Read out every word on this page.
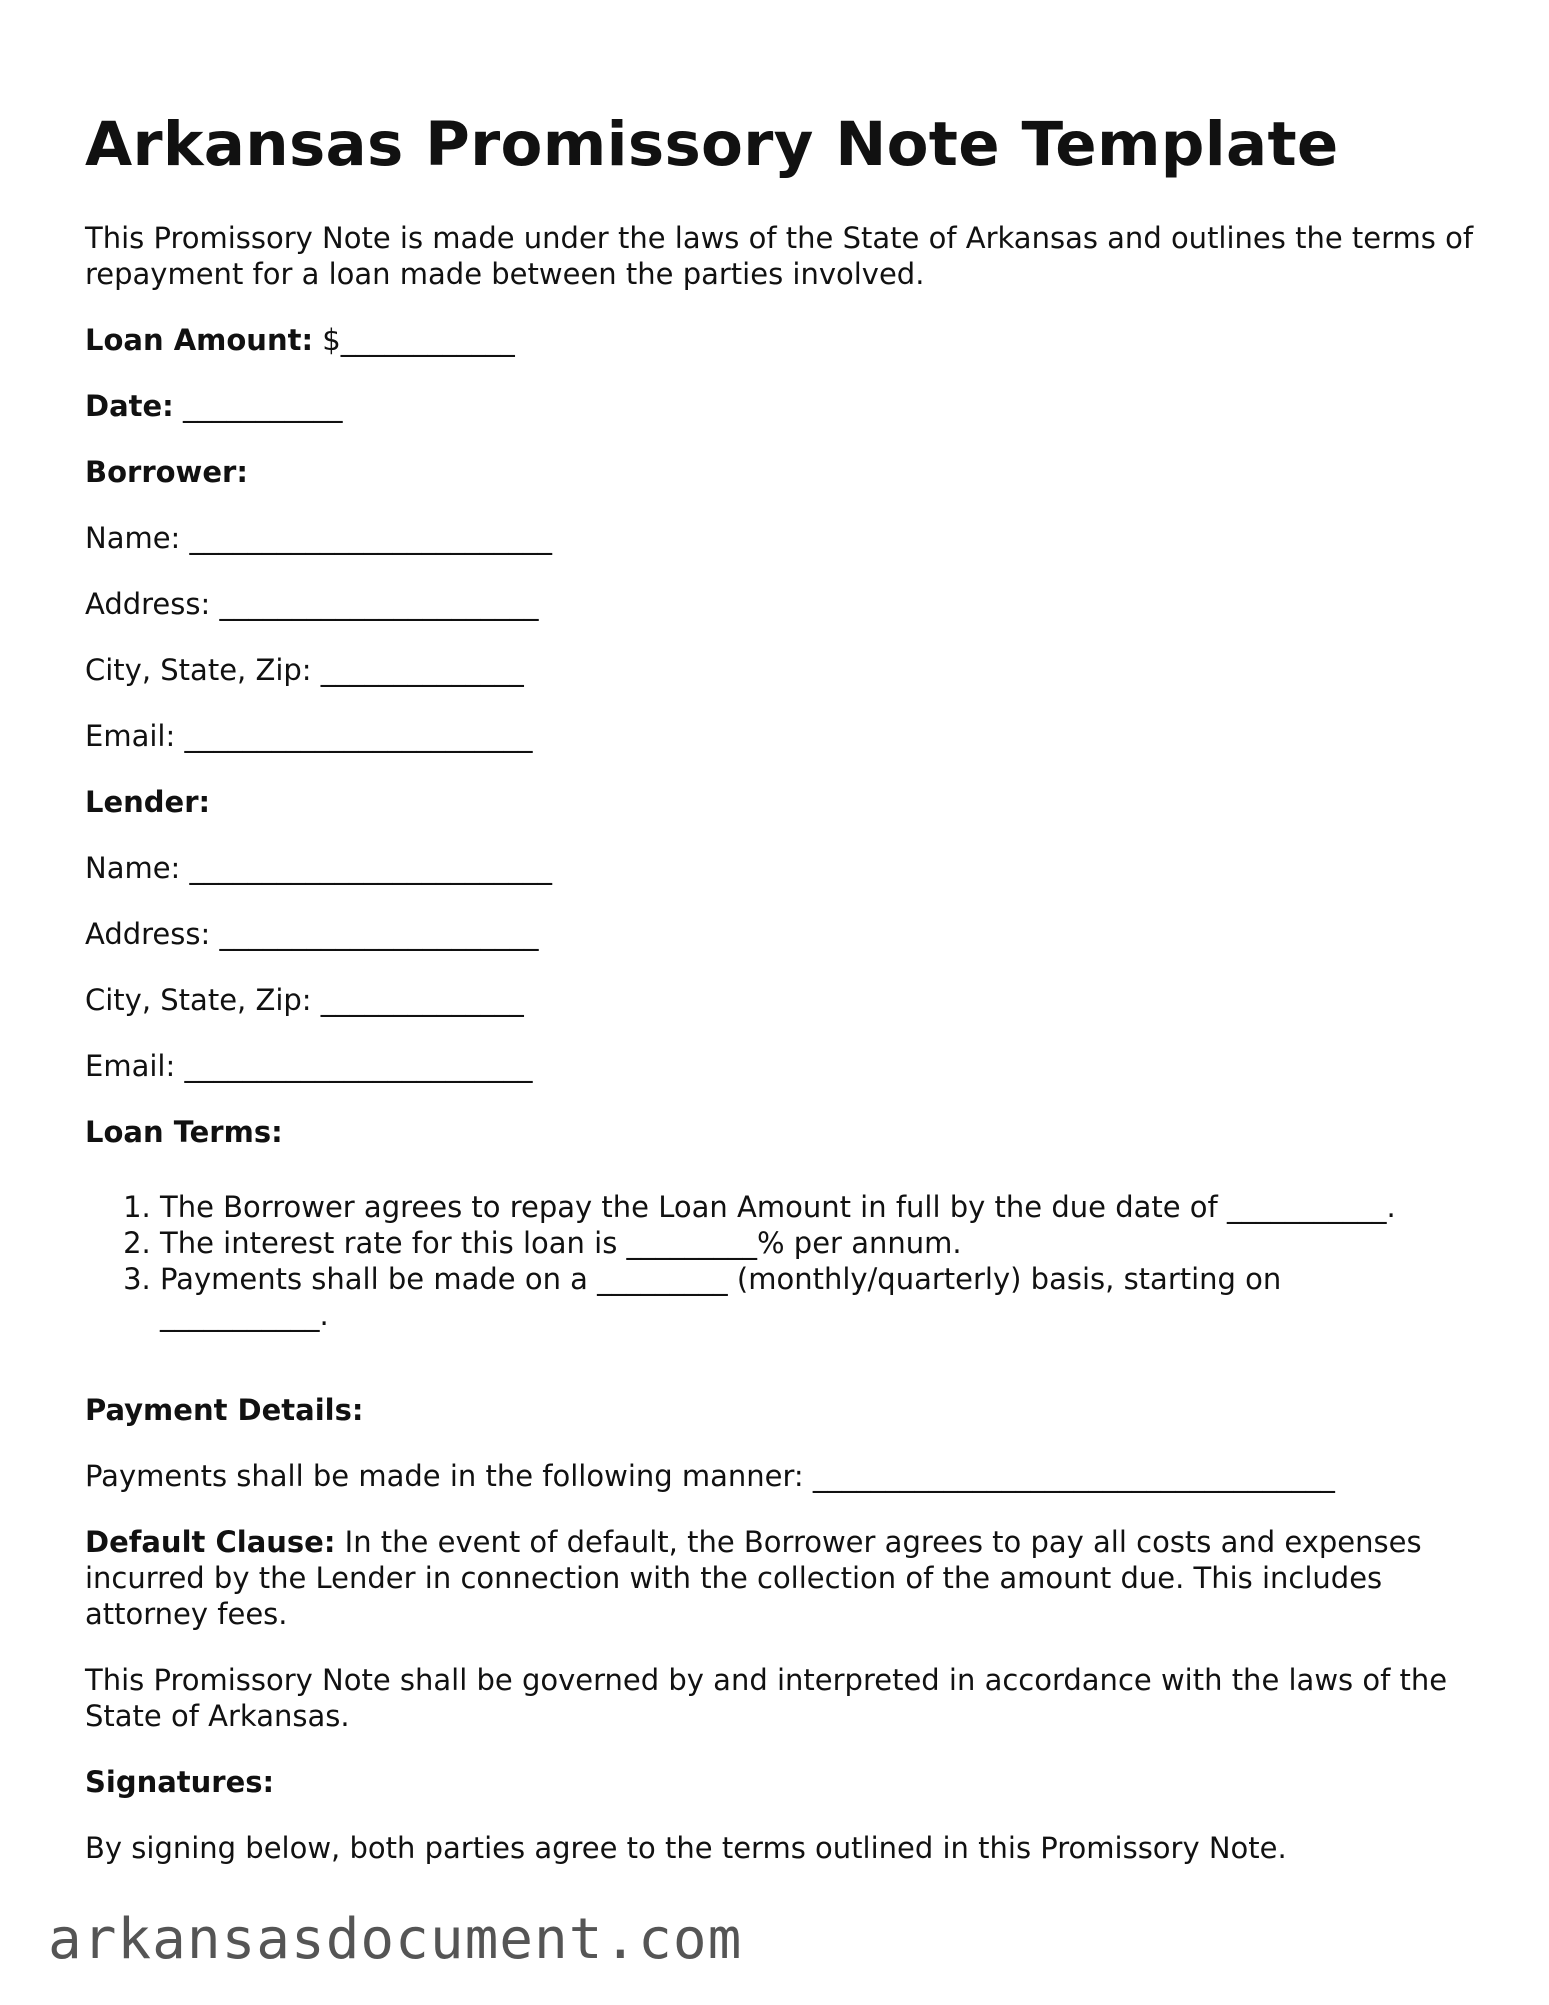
Arkansas Promissory Note Template

This Promissory Note is made under the laws of the State of Arkansas and outlines the terms of repayment for a loan made between the parties involved.

Loan Amount: $____________

Date: ___________

Borrower:

Name: _________________________

Address: ______________________

City, State, Zip: ______________

Email: ________________________

Lender:

Name: _________________________

Address: ______________________

City, State, Zip: ______________

Email: ________________________

Loan Terms:

1. The Borrower agrees to repay the Loan Amount in full by the due date of ___________.
2. The interest rate for this loan is _________% per annum.
3. Payments shall be made on a _________ (monthly/quarterly) basis, starting on ___________.

Payment Details:

Payments shall be made in the following manner: ____________________________________

Default Clause: In the event of default, the Borrower agrees to pay all costs and expenses incurred by the Lender in connection with the collection of the amount due. This includes attorney fees.

This Promissory Note shall be governed by and interpreted in accordance with the laws of the State of Arkansas.

Signatures:

By signing below, both parties agree to the terms outlined in this Promissory Note.

arkansasdocument.com
